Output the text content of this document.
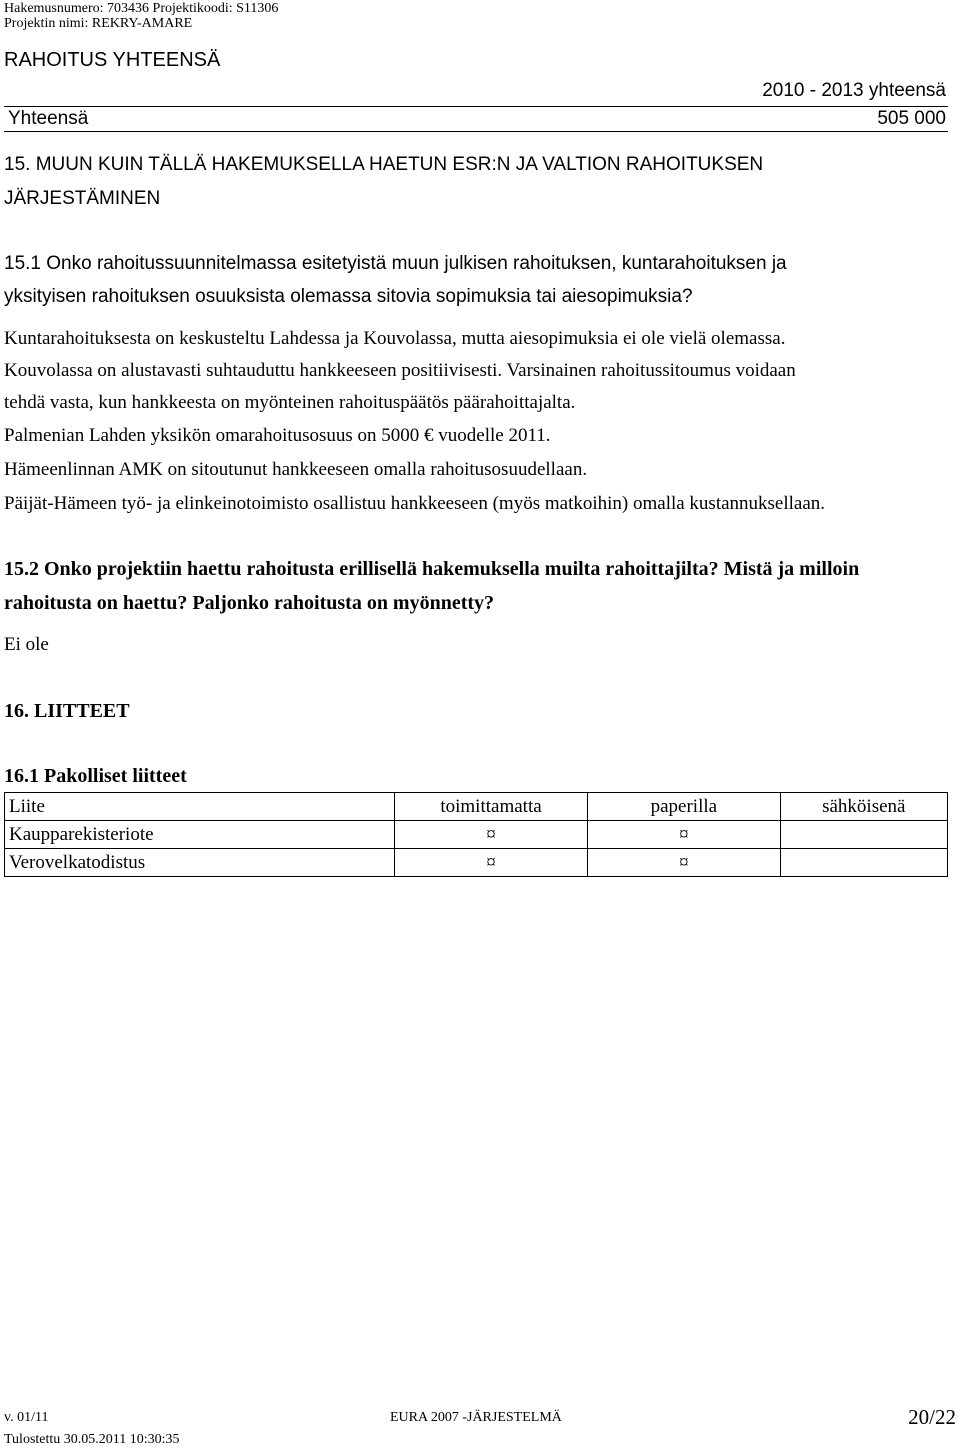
Hakemusnumero: 703436 Projektikoodi: S11306
Projektin nimi: REKRY-AMARE
RAHOITUS YHTEENSÄ
2010 - 2013 yhteensä
Yhteensä	505 000
15. MUUN KUIN TÄLLÄ HAKEMUKSELLA HAETUN ESR:N JA VALTION RAHOITUKSEN
JÄRJESTÄMINEN
15.1 Onko rahoitussuunnitelmassa esitetyistä muun julkisen rahoituksen, kuntarahoituksen ja
yksityisen rahoituksen osuuksista olemassa sitovia sopimuksia tai aiesopimuksia?
Kuntarahoituksesta on keskusteltu Lahdessa ja Kouvolassa, mutta aiesopimuksia ei ole vielä olemassa.
Kouvolassa on alustavasti suhtauduttu hankkeeseen positiivisesti. Varsinainen rahoitussitoumus voidaan
tehdä vasta, kun hankkeesta on myönteinen rahoituspäätös päärahoittajalta.
Palmenian Lahden yksikön omarahoitusosuus on 5000 € vuodelle 2011.
Hämeenlinnan AMK on sitoutunut hankkeeseen omalla rahoitusosuudellaan.
Päijät-Hämeen työ- ja elinkeinotoimisto osallistuu hankkeeseen (myös matkoihin) omalla kustannuksellaan.
15.2 Onko projektiin haettu rahoitusta erillisellä hakemuksella muilta rahoittajilta? Mistä ja milloin
rahoitusta on haettu? Paljonko rahoitusta on myönnetty?
Ei ole
16. LIITTEET
16.1 Pakolliset liitteet
Liite	toimittamatta	paperilla	sähköisenä
Kaupparekisteriote	¤	¤	
Verovelkatodistus	¤	¤	
v. 01/11	EURA 2007 -JÄRJESTELMÄ	20/22
Tulostettu 30.05.2011 10:30:35
